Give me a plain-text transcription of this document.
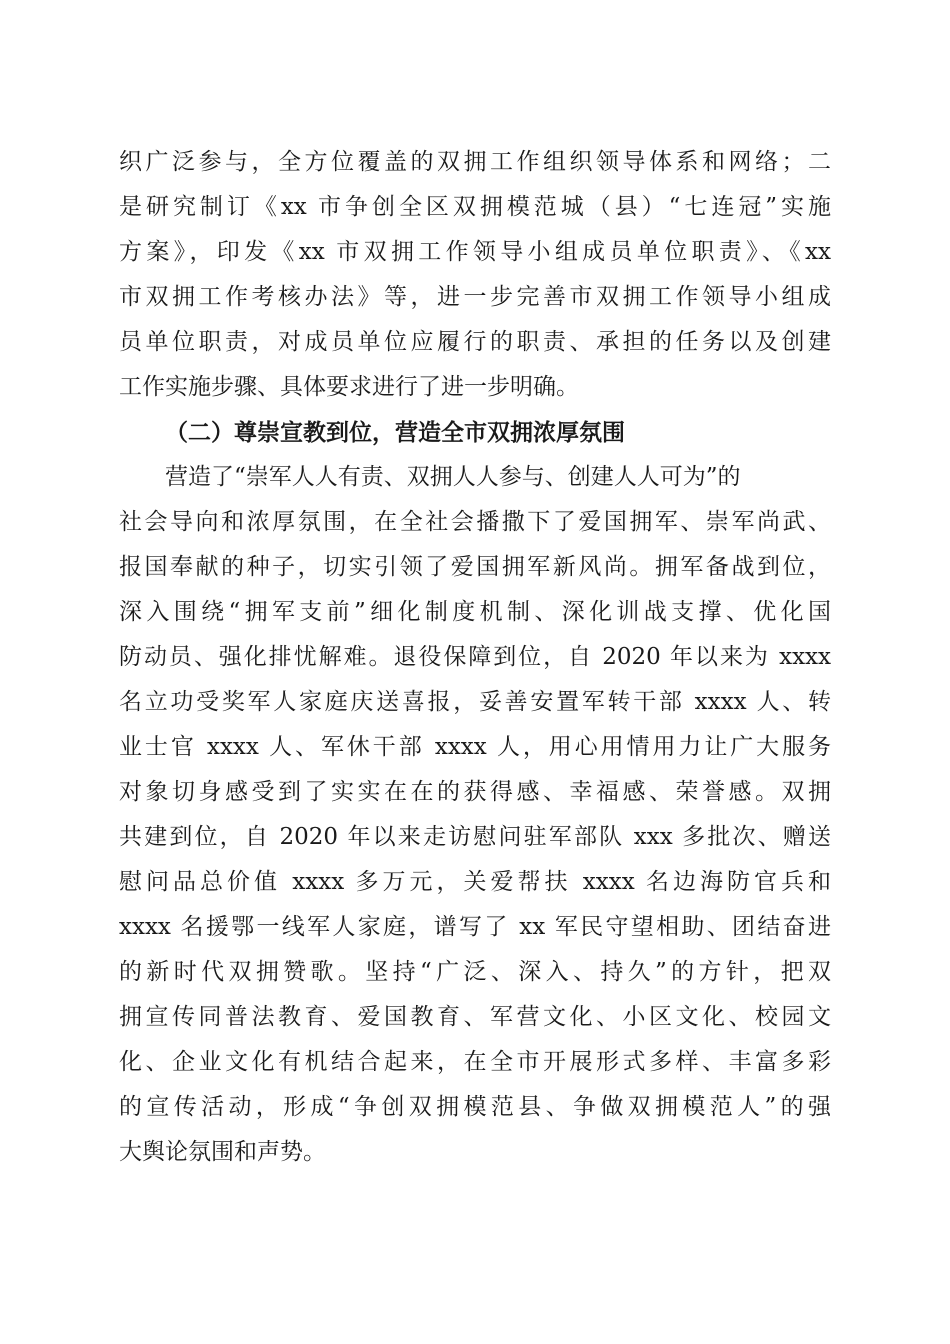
织广泛参与，全方位覆盖的双拥工作组织领导体系和网络；二
是研究制订《xx 市争创全区双拥模范城（县）“七连冠”实施
方案》，印发《xx 市双拥工作领导小组成员单位职责》、《xx
市双拥工作考核办法》等，进一步完善市双拥工作领导小组成
员单位职责，对成员单位应履行的职责、承担的任务以及创建
工作实施步骤、具体要求进行了进一步明确。
（二）尊崇宣教到位，营造全市双拥浓厚氛围
营造了“崇军人人有责、双拥人人参与、创建人人可为”的
社会导向和浓厚氛围，在全社会播撒下了爱国拥军、崇军尚武、
报国奉献的种子，切实引领了爱国拥军新风尚。拥军备战到位，
深入围绕“拥军支前”细化制度机制、深化训战支撑、优化国
防动员、强化排忧解难。退役保障到位，自 2020 年以来为 xxxx
名立功受奖军人家庭庆送喜报，妥善安置军转干部 xxxx 人、转
业士官 xxxx 人、军休干部 xxxx 人，用心用情用力让广大服务
对象切身感受到了实实在在的获得感、幸福感、荣誉感。双拥
共建到位，自 2020 年以来走访慰问驻军部队 xxx 多批次、赠送
慰问品总价值 xxxx 多万元，关爱帮扶 xxxx 名边海防官兵和
xxxx 名援鄂一线军人家庭，谱写了 xx 军民守望相助、团结奋进
的新时代双拥赞歌。坚持“广泛、深入、持久”的方针，把双
拥宣传同普法教育、爱国教育、军营文化、小区文化、校园文
化、企业文化有机结合起来，在全市开展形式多样、丰富多彩
的宣传活动，形成“争创双拥模范县、争做双拥模范人”的强
大舆论氛围和声势。
